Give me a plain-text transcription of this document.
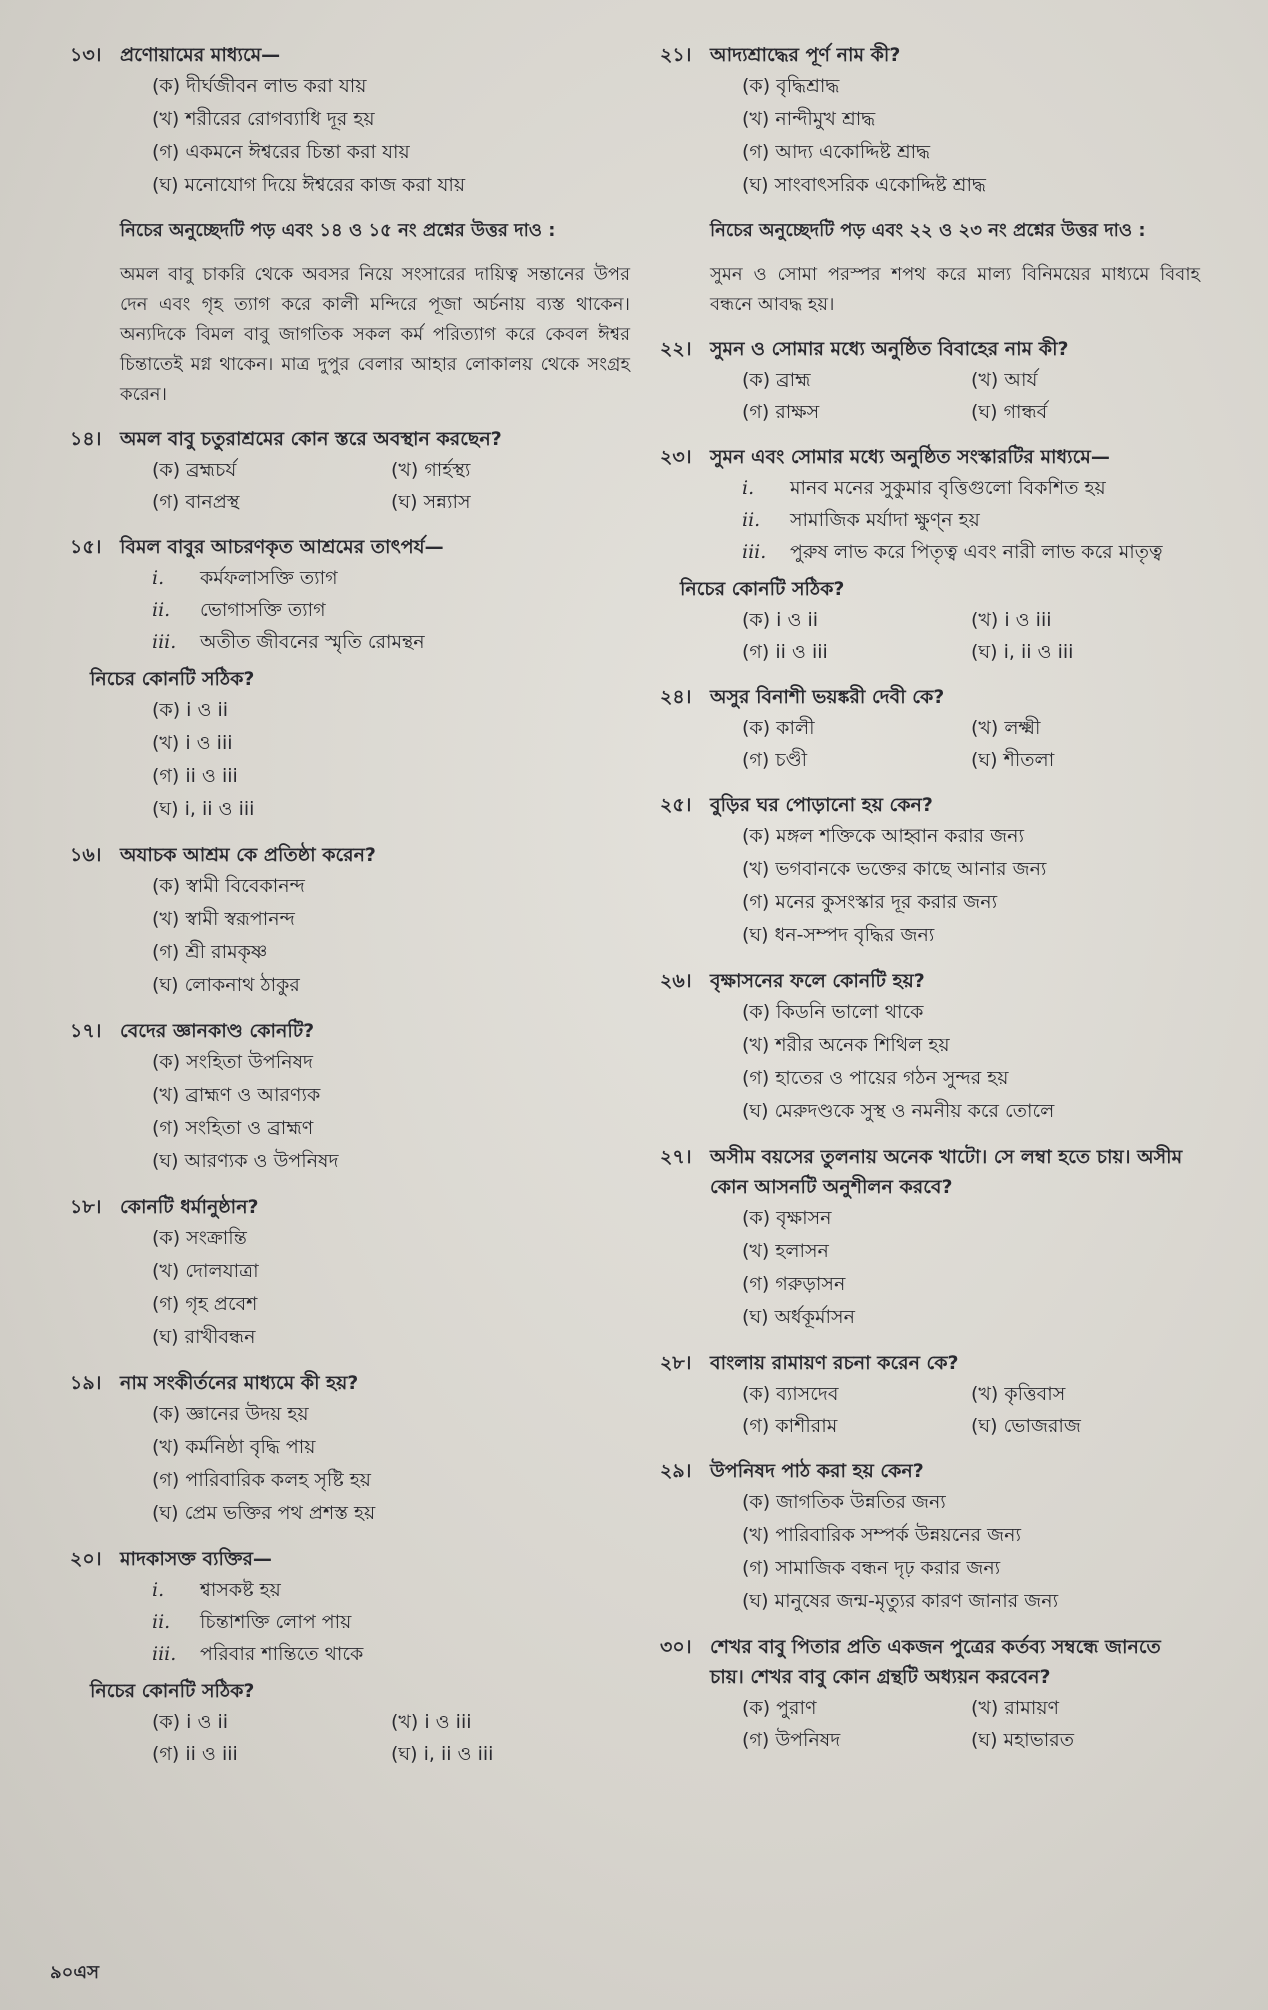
১৩। প্রণোয়ামের মাধ্যমে—
(ক) দীর্ঘজীবন লাভ করা যায়
(খ) শরীরের রোগব্যাধি দূর হয়
(গ) একমনে ঈশ্বরের চিন্তা করা যায়
(ঘ) মনোযোগ দিয়ে ঈশ্বরের কাজ করা যায়
নিচের অনুচ্ছেদটি পড় এবং ১৪ ও ১৫ নং প্রশ্নের উত্তর দাও :
অমল বাবু চাকরি থেকে অবসর নিয়ে সংসারের দায়িত্ব সন্তানের উপর দেন এবং গৃহ ত্যাগ করে কালী মন্দিরে পূজা অর্চনায় ব্যস্ত থাকেন। অন্যদিকে বিমল বাবু জাগতিক সকল কর্ম পরিত্যাগ করে কেবল ঈশ্বর চিন্তাতেই মগ্ন থাকেন। মাত্র দুপুর বেলার আহার লোকালয় থেকে সংগ্রহ করেন।
১৪। অমল বাবু চতুরাশ্রমের কোন স্তরে অবস্থান করছেন?
(ক) ব্রহ্মচর্য	(খ) গার্হস্থ্য
(গ) বানপ্রস্থ	(ঘ) সন্ন্যাস
১৫। বিমল বাবুর আচরণকৃত আশ্রমের তাৎপর্য—
i.	কর্মফলাসক্তি ত্যাগ
ii.	ভোগাসক্তি ত্যাগ
iii.	অতীত জীবনের স্মৃতি রোমন্থন
নিচের কোনটি সঠিক?
(ক) i ও ii
(খ) i ও iii
(গ) ii ও iii
(ঘ) i, ii ও iii
১৬। অযাচক আশ্রম কে প্রতিষ্ঠা করেন?
(ক) স্বামী বিবেকানন্দ
(খ) স্বামী স্বরূপানন্দ
(গ) শ্রী রামকৃষ্ণ
(ঘ) লোকনাথ ঠাকুর
১৭। বেদের জ্ঞানকাণ্ড কোনটি?
(ক) সংহিতা উপনিষদ
(খ) ব্রাহ্মণ ও আরণ্যক
(গ) সংহিতা ও ব্রাহ্মণ
(ঘ) আরণ্যক ও উপনিষদ
১৮। কোনটি ধর্মানুষ্ঠান?
(ক) সংক্রান্তি
(খ) দোলযাত্রা
(গ) গৃহ প্রবেশ
(ঘ) রাখীবন্ধন
১৯। নাম সংকীর্তনের মাধ্যমে কী হয়?
(ক) জ্ঞানের উদয় হয়
(খ) কর্মনিষ্ঠা বৃদ্ধি পায়
(গ) পারিবারিক কলহ সৃষ্টি হয়
(ঘ) প্রেম ভক্তির পথ প্রশস্ত হয়
২০। মাদকাসক্ত ব্যক্তির—
i.	শ্বাসকষ্ট হয়
ii.	চিন্তাশক্তি লোপ পায়
iii.	পরিবার শান্তিতে থাকে
নিচের কোনটি সঠিক?
(ক) i ও ii	(খ) i ও iii
(গ) ii ও iii	(ঘ) i, ii ও iii
২১। আদ্যশ্রাদ্ধের পূর্ণ নাম কী?
(ক) বৃদ্ধিশ্রাদ্ধ
(খ) নান্দীমুখ শ্রাদ্ধ
(গ) আদ্য একোদ্দিষ্ট শ্রাদ্ধ
(ঘ) সাংবাৎসরিক একোদ্দিষ্ট শ্রাদ্ধ
নিচের অনুচ্ছেদটি পড় এবং ২২ ও ২৩ নং প্রশ্নের উত্তর দাও :
সুমন ও সোমা পরস্পর শপথ করে মাল্য বিনিময়ের মাধ্যমে বিবাহ বন্ধনে আবদ্ধ হয়।
২২। সুমন ও সোমার মধ্যে অনুষ্ঠিত বিবাহের নাম কী?
(ক) ব্রাহ্ম	(খ) আর্য
(গ) রাক্ষস	(ঘ) গান্ধর্ব
২৩। সুমন এবং সোমার মধ্যে অনুষ্ঠিত সংস্কারটির মাধ্যমে—
i.	মানব মনের সুকুমার বৃত্তিগুলো বিকশিত হয়
ii.	সামাজিক মর্যাদা ক্ষুণ্ন হয়
iii.	পুরুষ লাভ করে পিতৃত্ব এবং নারী লাভ করে মাতৃত্ব
নিচের কোনটি সঠিক?
(ক) i ও ii	(খ) i ও iii
(গ) ii ও iii	(ঘ) i, ii ও iii
২৪। অসুর বিনাশী ভয়ঙ্করী দেবী কে?
(ক) কালী	(খ) লক্ষ্মী
(গ) চণ্ডী	(ঘ) শীতলা
২৫। বুড়ির ঘর পোড়ানো হয় কেন?
(ক) মঙ্গল শক্তিকে আহ্বান করার জন্য
(খ) ভগবানকে ভক্তের কাছে আনার জন্য
(গ) মনের কুসংস্কার দূর করার জন্য
(ঘ) ধন-সম্পদ বৃদ্ধির জন্য
২৬। বৃক্ষাসনের ফলে কোনটি হয়?
(ক) কিডনি ভালো থাকে
(খ) শরীর অনেক শিথিল হয়
(গ) হাতের ও পায়ের গঠন সুন্দর হয়
(ঘ) মেরুদণ্ডকে সুস্থ ও নমনীয় করে তোলে
২৭। অসীম বয়সের তুলনায় অনেক খাটো। সে লম্বা হতে চায়। অসীম কোন আসনটি অনুশীলন করবে?
(ক) বৃক্ষাসন
(খ) হলাসন
(গ) গরুড়াসন
(ঘ) অর্ধকূর্মাসন
২৮। বাংলায় রামায়ণ রচনা করেন কে?
(ক) ব্যাসদেব	(খ) কৃত্তিবাস
(গ) কাশীরাম	(ঘ) ভোজরাজ
২৯। উপনিষদ পাঠ করা হয় কেন?
(ক) জাগতিক উন্নতির জন্য
(খ) পারিবারিক সম্পর্ক উন্নয়নের জন্য
(গ) সামাজিক বন্ধন দৃঢ় করার জন্য
(ঘ) মানুষের জন্ম-মৃত্যুর কারণ জানার জন্য
৩০। শেখর বাবু পিতার প্রতি একজন পুত্রের কর্তব্য সম্বন্ধে জানতে চায়। শেখর বাবু কোন গ্রন্থটি অধ্যয়ন করবেন?
(ক) পুরাণ	(খ) রামায়ণ
(গ) উপনিষদ	(ঘ) মহাভারত
৯০এস
